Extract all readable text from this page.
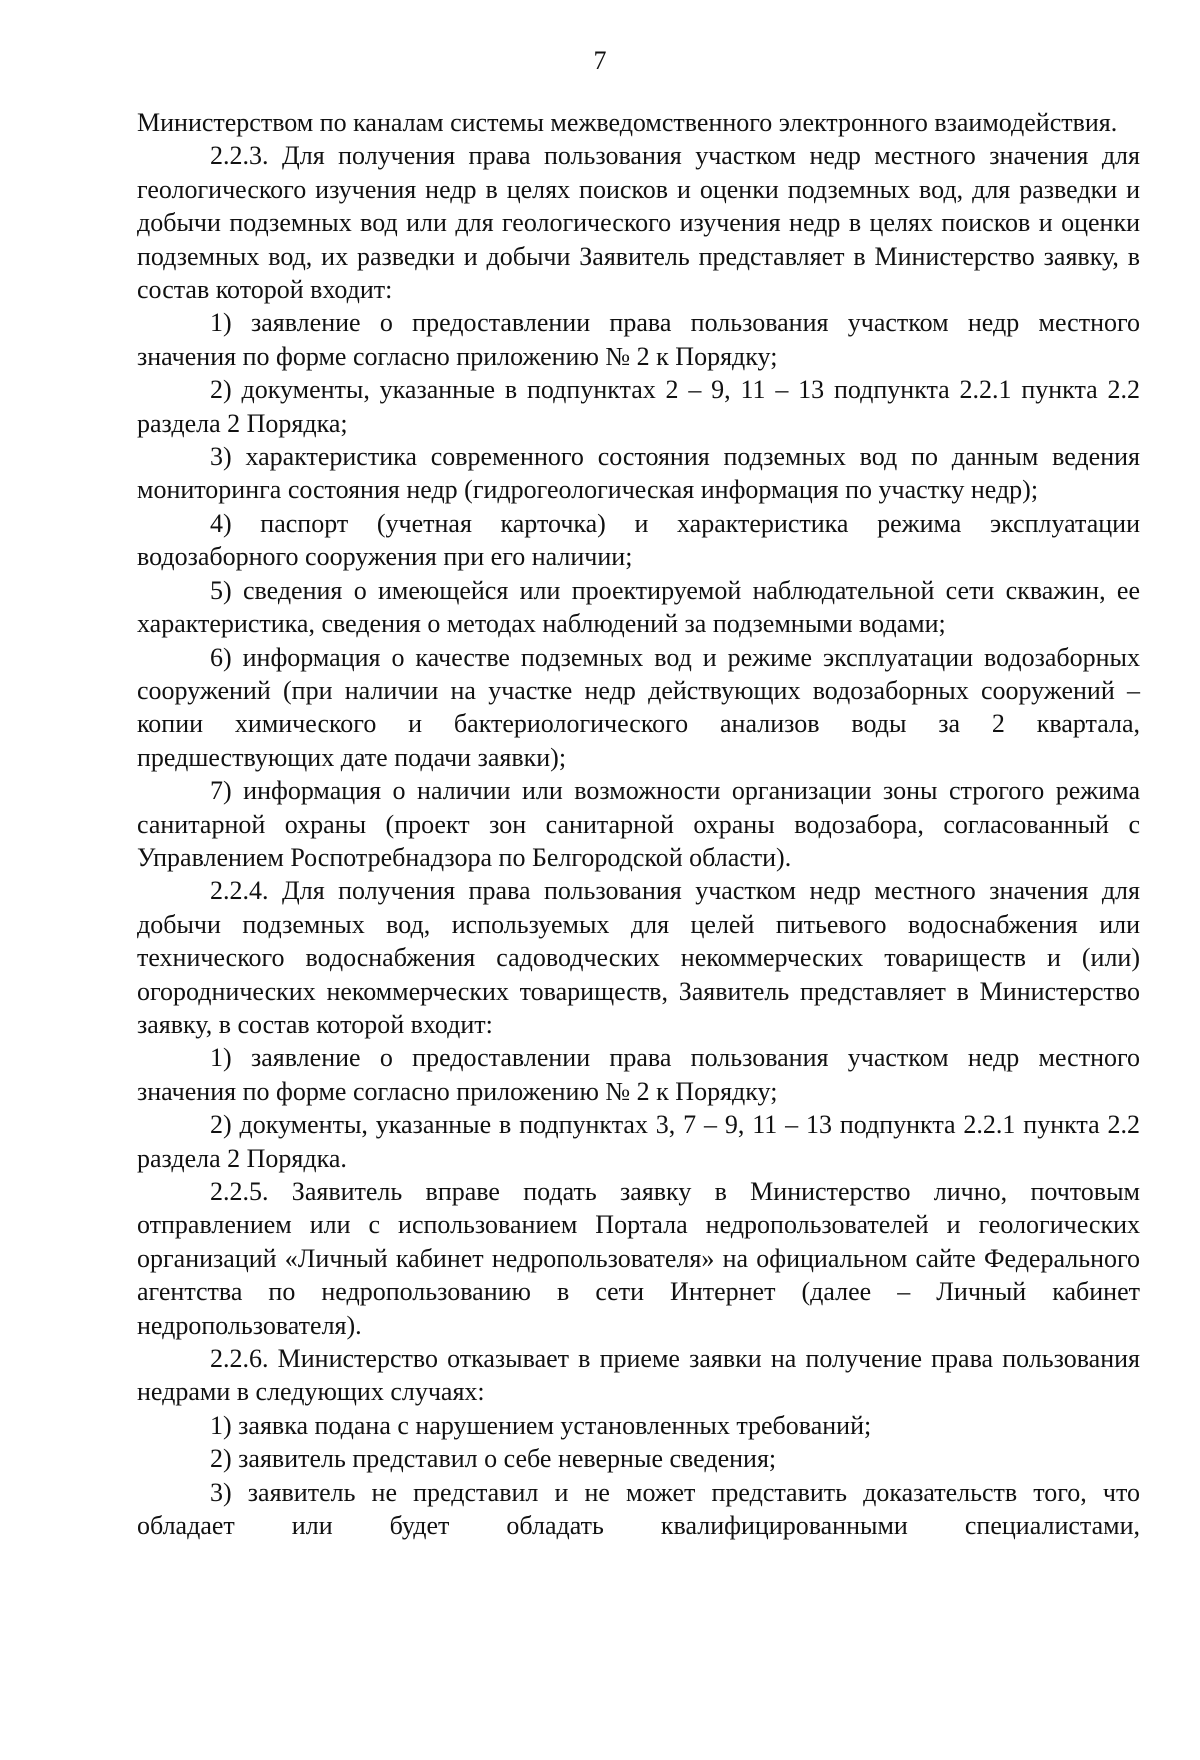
7

Министерством по каналам системы межведомственного электронного взаимодействия.

2.2.3. Для получения права пользования участком недр местного значения для геологического изучения недр в целях поисков и оценки подземных вод, для разведки и добычи подземных вод или для геологического изучения недр в целях поисков и оценки подземных вод, их разведки и добычи Заявитель представляет в Министерство заявку, в состав которой входит:

1) заявление о предоставлении права пользования участком недр местного значения по форме согласно приложению № 2 к Порядку;

2) документы, указанные в подпунктах 2 – 9, 11 – 13 подпункта 2.2.1 пункта 2.2 раздела 2 Порядка;

3) характеристика современного состояния подземных вод по данным ведения мониторинга состояния недр (гидрогеологическая информация по участку недр);

4) паспорт (учетная карточка) и характеристика режима эксплуатации водозаборного сооружения при его наличии;

5) сведения о имеющейся или проектируемой наблюдательной сети скважин, ее характеристика, сведения о методах наблюдений за подземными водами;

6) информация о качестве подземных вод и режиме эксплуатации водозаборных сооружений (при наличии на участке недр действующих водозаборных сооружений – копии химического и бактериологического анализов воды за 2 квартала, предшествующих дате подачи заявки);

7) информация о наличии или возможности организации зоны строгого режима санитарной охраны (проект зон санитарной охраны водозабора, согласованный с Управлением Роспотребнадзора по Белгородской области).

2.2.4. Для получения права пользования участком недр местного значения для добычи подземных вод, используемых для целей питьевого водоснабжения или технического водоснабжения садоводческих некоммерческих товариществ и (или) огороднических некоммерческих товариществ, Заявитель представляет в Министерство заявку, в состав которой входит:

1) заявление о предоставлении права пользования участком недр местного значения по форме согласно приложению № 2 к Порядку;

2) документы, указанные в подпунктах 3, 7 – 9, 11 – 13 подпункта 2.2.1 пункта 2.2 раздела 2 Порядка.

2.2.5. Заявитель вправе подать заявку в Министерство лично, почтовым отправлением или с использованием Портала недропользователей и геологических организаций «Личный кабинет недропользователя» на официальном сайте Федерального агентства по недропользованию в сети Интернет (далее – Личный кабинет недропользователя).

2.2.6. Министерство отказывает в приеме заявки на получение права пользования недрами в следующих случаях:

1) заявка подана с нарушением установленных требований;

2) заявитель представил о себе неверные сведения;

3) заявитель не представил и не может представить доказательств того, что обладает или будет обладать квалифицированными специалистами,
